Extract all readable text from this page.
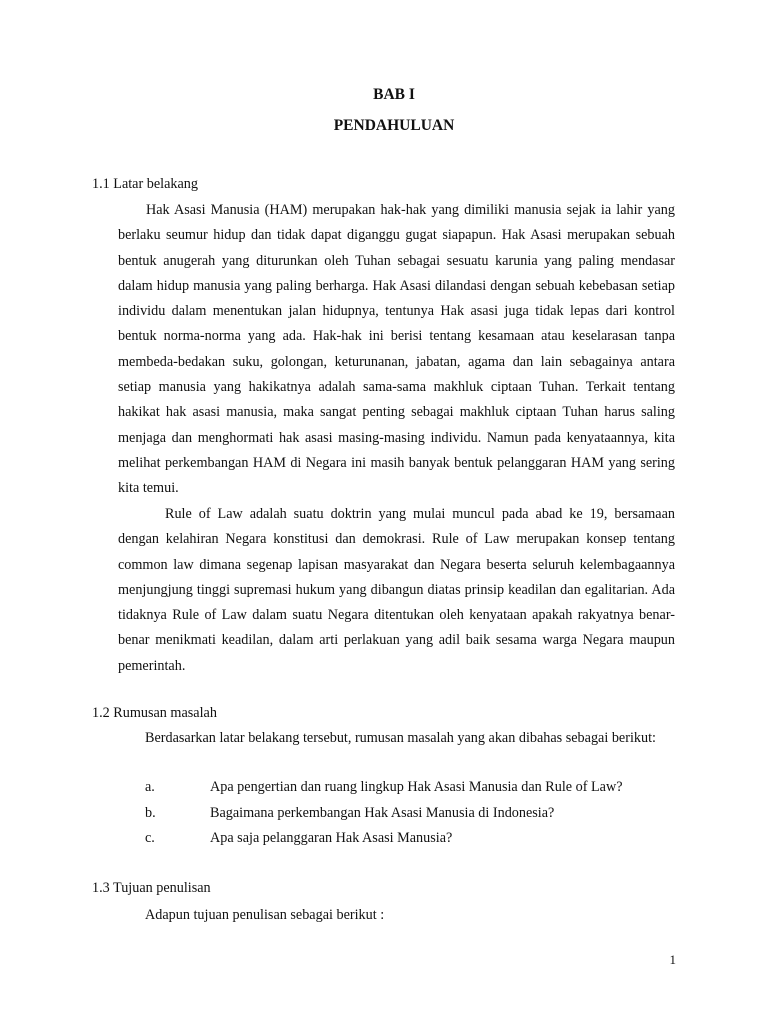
BAB I
PENDAHULUAN
1.1 Latar belakang

Hak Asasi Manusia (HAM) merupakan hak-hak yang dimiliki manusia sejak ia lahir yang berlaku seumur hidup dan tidak dapat diganggu gugat siapapun. Hak Asasi merupakan sebuah bentuk anugerah yang diturunkan oleh Tuhan sebagai sesuatu karunia yang paling mendasar dalam hidup manusia yang paling berharga. Hak Asasi dilandasi dengan sebuah kebebasan setiap individu dalam menentukan jalan hidupnya, tentunya Hak asasi juga tidak lepas dari kontrol bentuk norma-norma yang ada. Hak-hak ini berisi tentang kesamaan atau keselarasan tanpa membeda-bedakan suku, golongan, keturunanan, jabatan, agama dan lain sebagainya antara setiap manusia yang hakikatnya adalah sama-sama makhluk ciptaan Tuhan. Terkait tentang hakikat hak asasi manusia, maka sangat penting sebagai makhluk ciptaan Tuhan harus saling menjaga dan menghormati hak asasi masing-masing individu. Namun pada kenyataannya, kita melihat perkembangan HAM di Negara ini masih banyak bentuk pelanggaran HAM yang sering kita temui.

Rule of Law adalah suatu doktrin yang mulai muncul pada abad ke 19, bersamaan dengan kelahiran Negara konstitusi dan demokrasi. Rule of Law merupakan konsep tentang common law dimana segenap lapisan masyarakat dan Negara beserta seluruh kelembagaannya menjungjung tinggi supremasi hukum yang dibangun diatas prinsip keadilan dan egalitarian. Ada tidaknya Rule of Law dalam suatu Negara ditentukan oleh kenyataan apakah rakyatnya benar-benar menikmati keadilan, dalam arti perlakuan yang adil baik sesama warga Negara maupun pemerintah.

1.2 Rumusan masalah

Berdasarkan latar belakang tersebut, rumusan masalah yang akan dibahas sebagai berikut:

a.	Apa pengertian dan ruang lingkup Hak Asasi Manusia dan Rule of Law?
b.	Bagaimana perkembangan Hak Asasi Manusia di Indonesia?
c.	Apa saja pelanggaran Hak Asasi Manusia?
1.3 Tujuan penulisan
Adapun tujuan penulisan sebagai berikut :
1
